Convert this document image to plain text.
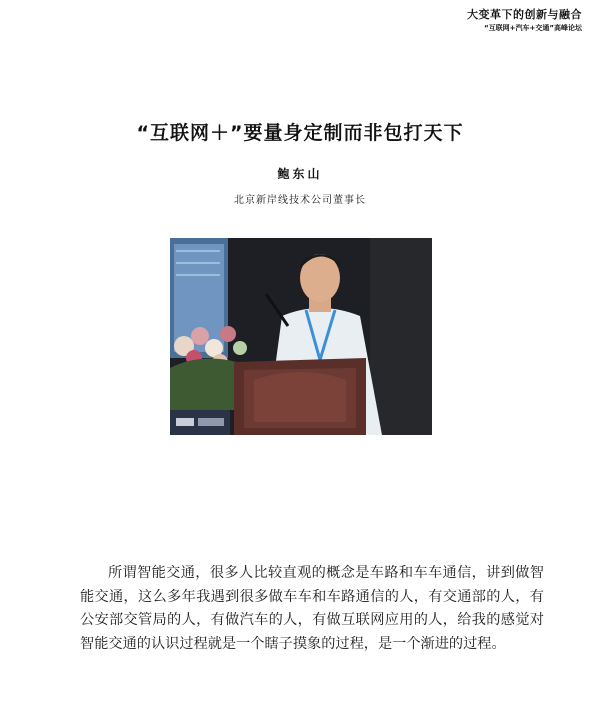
大变革下的创新与融合
“互联网+汽车+交通”高峰论坛
“互联网＋”要量身定制而非包打天下
鲍东山
北京新岸线技术公司董事长
所谓智能交通，很多人比较直观的概念是车路和车车通信，讲到做智能交通，这么多年我遇到很多做车车和车路通信的人，有交通部的人，有公安部交管局的人，有做汽车的人，有做互联网应用的人，给我的感觉对智能交通的认识过程就是一个瞎子摸象的过程，是一个渐进的过程。
